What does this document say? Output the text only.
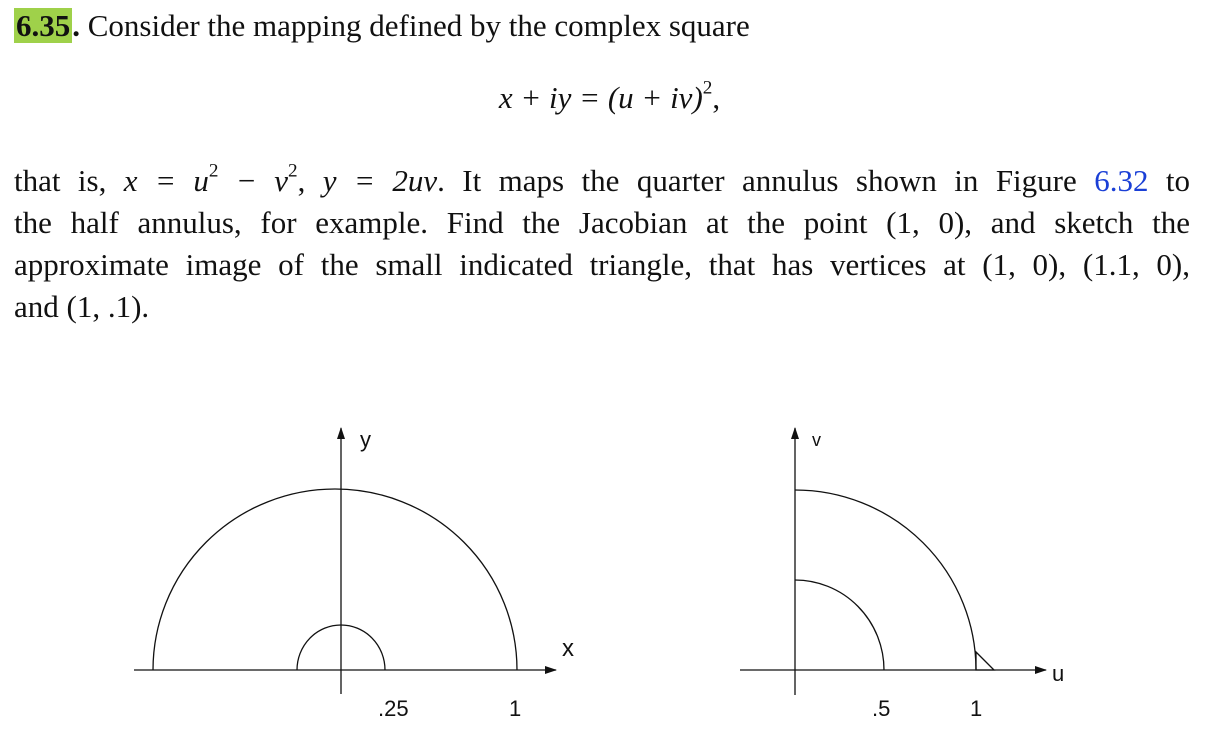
6.35. Consider the mapping defined by the complex square
x + iy = (u + iv)$^2$,
that is, $x = u^2 - v^2$, y = 2uv. It maps the quarter annulus shown in Figure 6.32 to
the half annulus, for example. Find the Jacobian at the point (1, 0), and sketch the
approximate image of the small indicated triangle, that has vertices at (1, 0), (1.1, 0),
and (1, .1).
y
x
.25	1
v
u
.5	1
